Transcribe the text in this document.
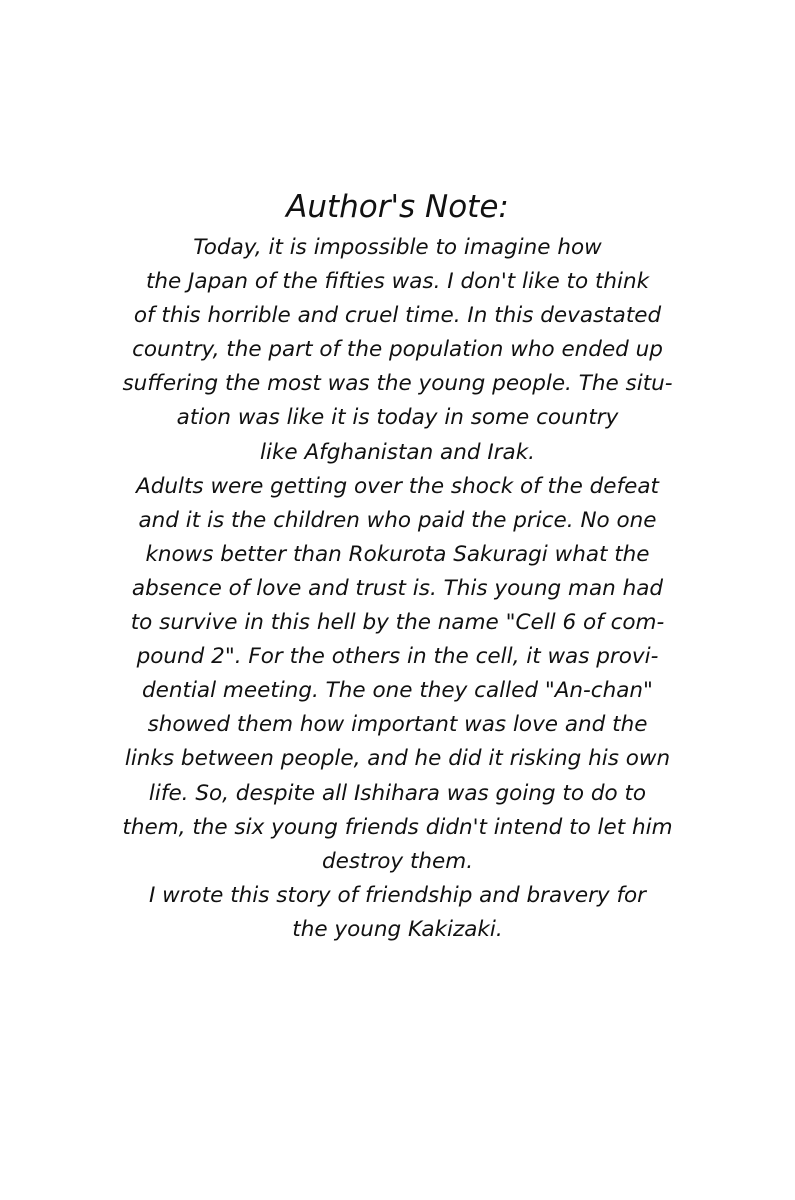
Author's Note:
Today, it is impossible to imagine how
the Japan of the fifties was. I don't like to think
of this horrible and cruel time. In this devastated
country, the part of the population who ended up
suffering the most was the young people. The situ-
ation was like it is today in some country
like Afghanistan and Irak.
Adults were getting over the shock of the defeat
and it is the children who paid the price. No one
knows better than Rokurota Sakuragi what the
absence of love and trust is. This young man had
to survive in this hell by the name "Cell 6 of com-
pound 2". For the others in the cell, it was provi-
dential meeting. The one they called "An-chan"
showed them how important was love and the
links between people, and he did it risking his own
life. So, despite all Ishihara was going to do to
them, the six young friends didn't intend to let him
destroy them.
I wrote this story of friendship and bravery for
the young Kakizaki.
